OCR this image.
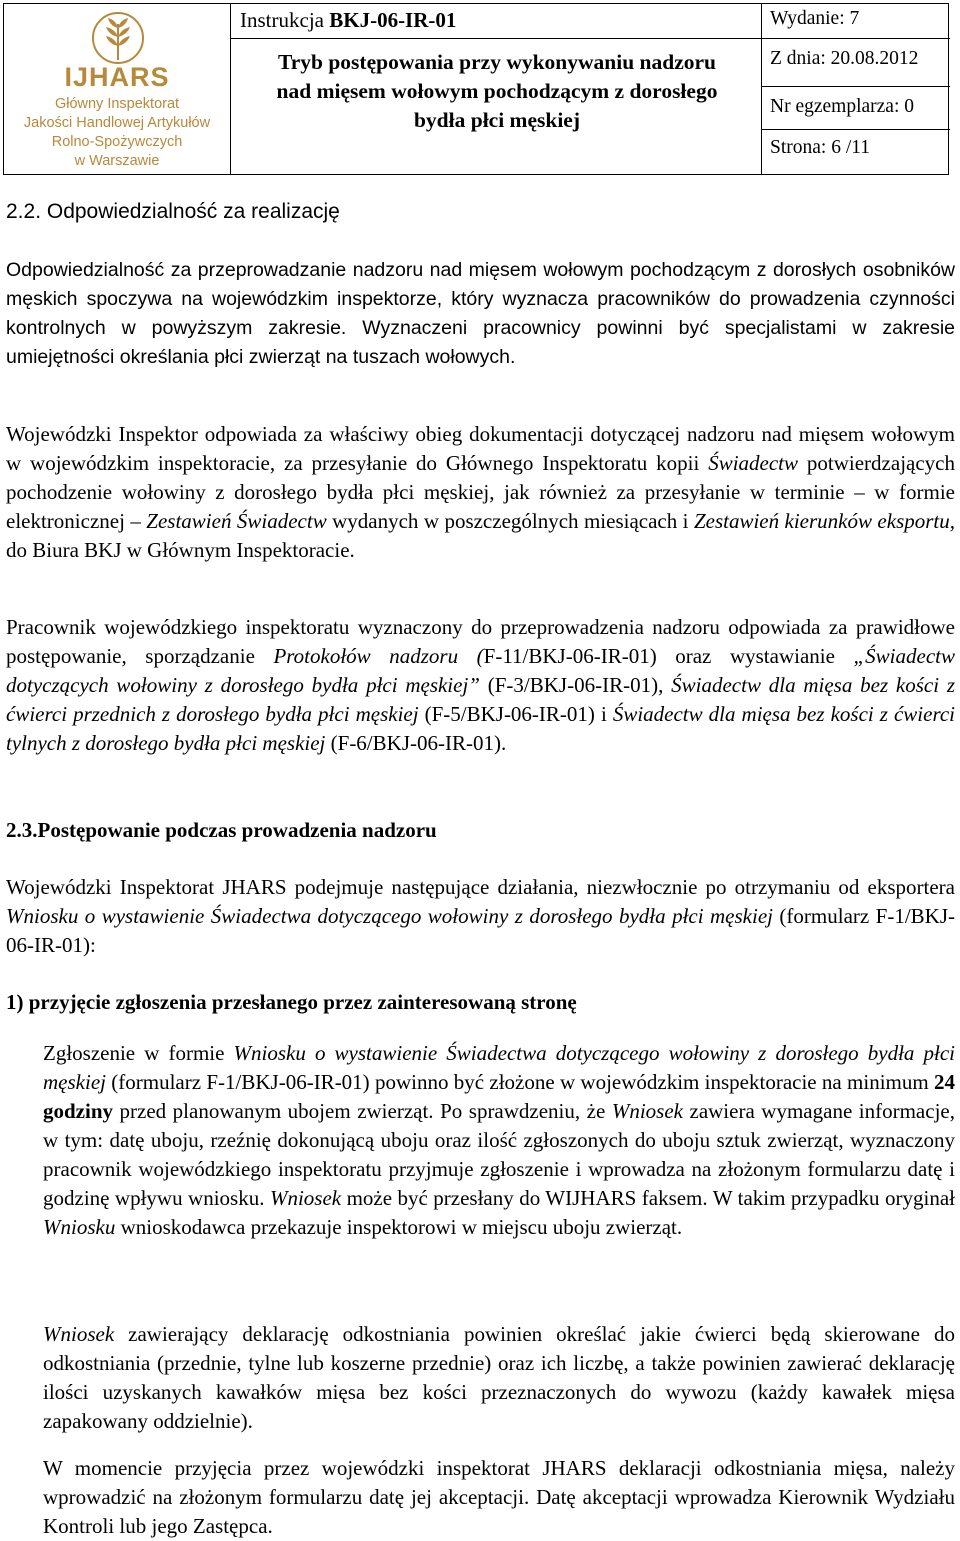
IJHARS
Główny Inspektorat
Jakości Handlowej Artykułów
Rolno-Spożywczych
w Warszawie
Instrukcja BKJ-06-IR-01
Tryb postępowania przy wykonywaniu nadzoru
nad mięsem wołowym pochodzącym z dorosłego
bydła płci męskiej
Wydanie: 7
Z dnia: 20.08.2012
Nr egzemplarza: 0
Strona: 6 /11
2.2. Odpowiedzialność za realizację
Odpowiedzialność za przeprowadzanie nadzoru nad mięsem wołowym pochodzącym z dorosłych osobników męskich spoczywa na wojewódzkim inspektorze, który wyznacza pracowników do prowadzenia czynności kontrolnych w powyższym zakresie. Wyznaczeni pracownicy powinni być specjalistami w zakresie umiejętności określania płci zwierząt na tuszach wołowych.
Wojewódzki Inspektor odpowiada za właściwy obieg dokumentacji dotyczącej nadzoru nad mięsem wołowym w wojewódzkim inspektoracie, za przesyłanie do Głównego Inspektoratu kopii Świadectw potwierdzających pochodzenie wołowiny z dorosłego bydła płci męskiej, jak również za przesyłanie w terminie – w formie elektronicznej – Zestawień Świadectw wydanych w poszczególnych miesiącach i Zestawień kierunków eksportu, do Biura BKJ w Głównym Inspektoracie.
Pracownik wojewódzkiego inspektoratu wyznaczony do przeprowadzenia nadzoru odpowiada za prawidłowe postępowanie, sporządzanie Protokołów nadzoru (F-11/BKJ-06-IR-01) oraz wystawianie „Świadectw dotyczących wołowiny z dorosłego bydła płci męskiej” (F-3/BKJ-06-IR-01), Świadectw dla mięsa bez kości z ćwierci przednich z dorosłego bydła płci męskiej (F-5/BKJ-06-IR-01) i Świadectw dla mięsa bez kości z ćwierci tylnych z dorosłego bydła płci męskiej (F-6/BKJ-06-IR-01).
2.3.Postępowanie podczas prowadzenia nadzoru
Wojewódzki Inspektorat JHARS podejmuje następujące działania, niezwłocznie po otrzymaniu od eksportera Wniosku o wystawienie Świadectwa dotyczącego wołowiny z dorosłego bydła płci męskiej (formularz F-1/BKJ-06-IR-01):
1) przyjęcie zgłoszenia przesłanego przez zainteresowaną stronę
Zgłoszenie w formie Wniosku o wystawienie Świadectwa dotyczącego wołowiny z dorosłego bydła płci męskiej (formularz F-1/BKJ-06-IR-01) powinno być złożone w wojewódzkim inspektoracie na minimum 24 godziny przed planowanym ubojem zwierząt. Po sprawdzeniu, że Wniosek zawiera wymagane informacje, w tym: datę uboju, rzeźnię dokonującą uboju oraz ilość zgłoszonych do uboju sztuk zwierząt, wyznaczony pracownik wojewódzkiego inspektoratu przyjmuje zgłoszenie i wprowadza na złożonym formularzu datę i godzinę wpływu wniosku. Wniosek może być przesłany do WIJHARS faksem. W takim przypadku oryginał Wniosku wnioskodawca przekazuje inspektorowi w miejscu uboju zwierząt.
Wniosek zawierający deklarację odkostniania powinien określać jakie ćwierci będą skierowane do odkostniania (przednie, tylne lub koszerne przednie) oraz ich liczbę, a także powinien zawierać deklarację ilości uzyskanych kawałków mięsa bez kości przeznaczonych do wywozu (każdy kawałek mięsa zapakowany oddzielnie).
W momencie przyjęcia przez wojewódzki inspektorat JHARS deklaracji odkostniania mięsa, należy wprowadzić na złożonym formularzu datę jej akceptacji. Datę akceptacji wprowadza Kierownik Wydziału Kontroli lub jego Zastępca.
